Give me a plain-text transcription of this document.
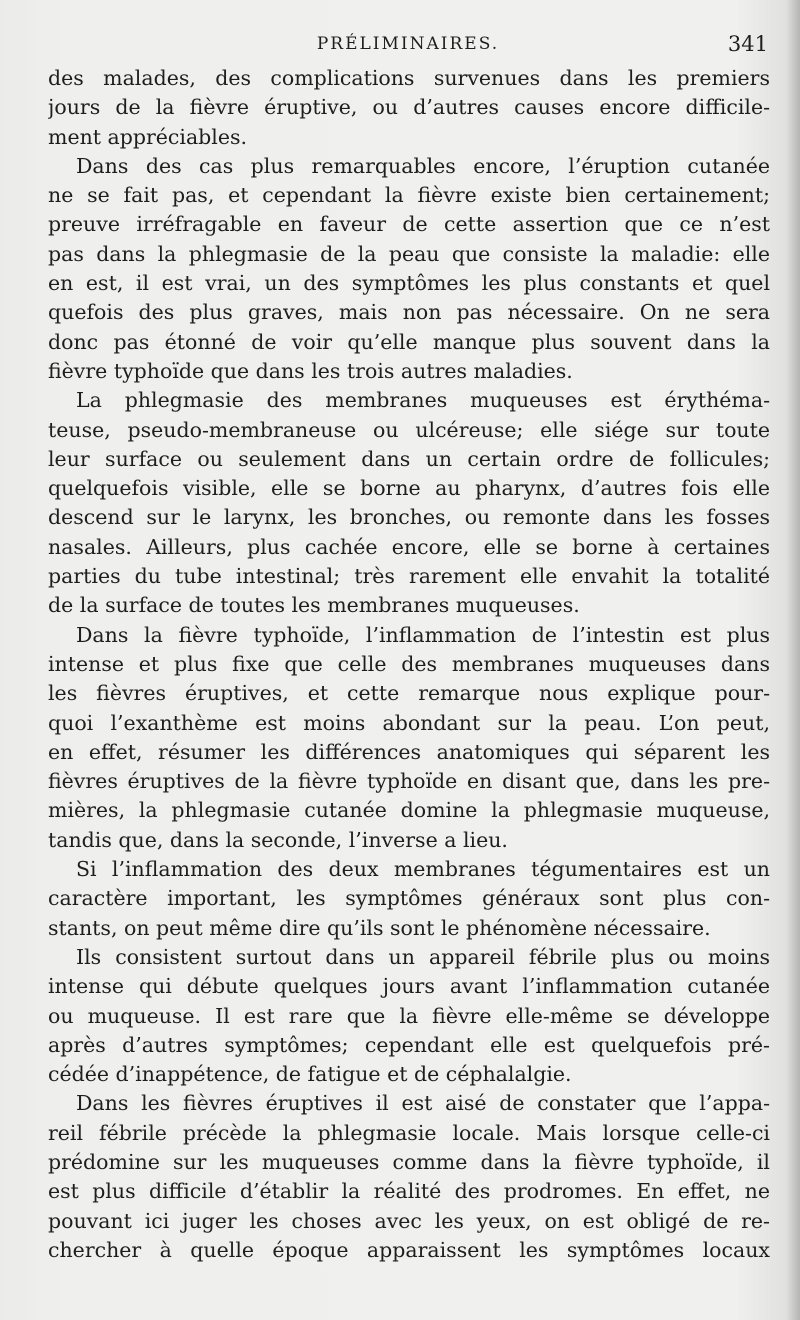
PRÉLIMINAIRES.	341
des malades, des complications survenues dans les premiers
jours de la fièvre éruptive, ou d’autres causes encore difficile-
ment appréciables.
Dans des cas plus remarquables encore, l’éruption cutanée
ne se fait pas, et cependant la fièvre existe bien certainement;
preuve irréfragable en faveur de cette assertion que ce n’est
pas dans la phlegmasie de la peau que consiste la maladie: elle
en est, il est vrai, un des symptômes les plus constants et quel
quefois des plus graves, mais non pas nécessaire. On ne sera
donc pas étonné de voir qu’elle manque plus souvent dans la
fièvre typhoïde que dans les trois autres maladies.
La phlegmasie des membranes muqueuses est érythéma-
teuse, pseudo-membraneuse ou ulcéreuse; elle siége sur toute
leur surface ou seulement dans un certain ordre de follicules;
quelquefois visible, elle se borne au pharynx, d’autres fois elle
descend sur le larynx, les bronches, ou remonte dans les fosses
nasales. Ailleurs, plus cachée encore, elle se borne à certaines
parties du tube intestinal; très rarement elle envahit la totalité
de la surface de toutes les membranes muqueuses.
Dans la fièvre typhoïde, l’inflammation de l’intestin est plus
intense et plus fixe que celle des membranes muqueuses dans
les fièvres éruptives, et cette remarque nous explique pour-
quoi l’exanthème est moins abondant sur la peau. L’on peut,
en effet, résumer les différences anatomiques qui séparent les
fièvres éruptives de la fièvre typhoïde en disant que, dans les pre-
mières, la phlegmasie cutanée domine la phlegmasie muqueuse,
tandis que, dans la seconde, l’inverse a lieu.
Si l’inflammation des deux membranes tégumentaires est un
caractère important, les symptômes généraux sont plus con-
stants, on peut même dire qu’ils sont le phénomène nécessaire.
Ils consistent surtout dans un appareil fébrile plus ou moins
intense qui débute quelques jours avant l’inflammation cutanée
ou muqueuse. Il est rare que la fièvre elle-même se développe
après d’autres symptômes; cependant elle est quelquefois pré-
cédée d’inappétence, de fatigue et de céphalalgie.
Dans les fièvres éruptives il est aisé de constater que l’appa-
reil fébrile précède la phlegmasie locale. Mais lorsque celle-ci
prédomine sur les muqueuses comme dans la fièvre typhoïde, il
est plus difficile d’établir la réalité des prodromes. En effet, ne
pouvant ici juger les choses avec les yeux, on est obligé de re-
chercher à quelle époque apparaissent les symptômes locaux
